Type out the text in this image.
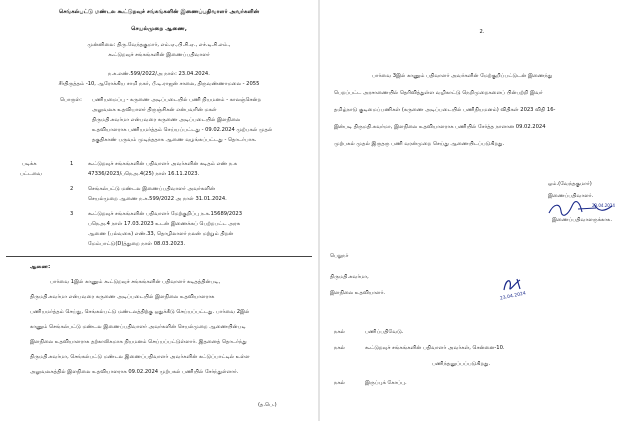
செங்கல்பட்டு மண்டல கூட்டுறவுச் சங்கங்களின் இணைப்பதிவாளர் அவர்களின்
செயல்முறை ஆணை,
முன்னிலை: திரு.வேந்தகுமார், எம்.ஏ.,பி.சி.ஏ., எச்.டி.சி.எம்.,
கூட்டுறவுச் சங்கங்களின் இணைப்பதிவாளர்
ந.க.எண்.599/2022/அ நாள்: 23.04.2024.
சீர்திருத்தம் -10, ஆரோக்கிய சாமி நகர், பீ.டி.ராஜன் சாலை, திருவண்ணாமலை - 2055
பொருள்: பணியமைப்பு - கருணை அடிப்படையில் பணி நியமனம் - காலஞ்சென்ற
அலுவலக உதவியாளர் திருஞ்சிகன் என்பவரின் மகள்
திருமதி.சுவர்மா என்பவரை கருணை அடிப்படையில் இளநிலை
உதவியாளராக பணியமர்த்தம் செய்யப்பட்டது - 09.02.2024 முற்பகல் முதல்
தகுதிகாண் பருவம் முடிந்ததாக ஆணை வழங்கப்பட்டது - தொடர்பாக.
படிக்க
பட்டவை
1	கூட்டுறவுச் சங்கங்களின் பதிவாளர் அவர்களின் கடிதம் எண் ந.க
47336/2023/பநெஅ.4(25) நாள் 16.11.2023.
2	செங்கல்பட்டு மண்டல இணைப்பதிவாளர் அவர்களின்
செயல்முறை ஆணை ந.க.599/2022 அ நாள் 31.01.2024.
3	கூட்டுறவுச் சங்கங்களின் பதிவாளர் மேற்குறிப்பு ந.க.15689/2023
பநெஅ.4 நாள் 17.03.2023 உடன் இணைக்கப் பெற்றபட்ட அரசு
ஆணை (பல்வகை) எண்.33, தொழிலாளர் நலன் மற்றும் திறன்
மேம்பாட்டு(D)த்துறை நாள் 08.03.2023.
ஆணை:
பார்வை 1இல் காணும் கூட்டுறவுச் சங்கங்களின் பதிவாளர் கடிதத்தின்படி,
திருமதி.சுவர்மா என்பவரை கருணை அடிப்படையில் இளநிலை உதவியாளராக
பணியமர்த்தம் செய்து, செங்கல்பட்டு மண்டலத்திற்கு ஒதுக்கீடு செய்யப்பட்டது. பார்வை 2இல்
காணும் செங்கல்பட்டு மண்டல இணைப்பதிவாளர் அவர்களின் செயல்முறை ஆணையின்படி
இளநிலை உதவியாளராக தற்காலிகமாக நியமனம் செய்யப்பட்டுள்ளார். இதனைத் தொடர்ந்து
திருமதி.சுவர்மா, செங்கல்பட்டு மண்டல இணைப்பதிவாளர் அவர்களின் கட்டுப்பாட்டில் உள்ள
அலுவலகத்தில் இளநிலை உதவியாளராக 09.02.2024 முற்பகல் பணியில் சேர்ந்துள்ளார்.
(த.பெ.)
2.
பார்வை 3இல் காணும் பதிவாளர் அவர்களின் மேற்குறிப்பட்டுடன் இணைந்து
பெறப்பட்ட அரசாணையில் தெரிவித்துள்ள வழிகாட்டு நெறிமுறைகளைப் பின்பற்றி இவர்
தமிழ்நாடு குடிமைப்பணிகள் (கருணை அடிப்படையில் பணிநியமனம்) விதிகள் 2023 விதி 16-
இன்படி திருமதி.சுவர்மா, இளநிலை உதவியாளராக பணியில் சேர்த்த நாளான 09.02.2024
முற்பகல் முதல் இருதரு பணி வரன்முறை செய்து ஆணையிடப்படுகிறது.
ஒம்.(வேந்தகுமார்)
இணைப்பதிவாளர்.
23.04.2024
இணைப்பதிவாளருக்காக.
பெறுநர்
திருமதி.சுவர்மா,
இளநிலை உதவியாளர்.	23.04.2024
நகல்	பணிப்பதிவேடு.
நகல்	கூட்டுறவுச் சங்கங்களின் பதிவாளர் அவர்கள், சென்னை-10.
பணிந்தனுப்பப்படுகிறது.
நகல்	இருப்புக் கோப்பு.
